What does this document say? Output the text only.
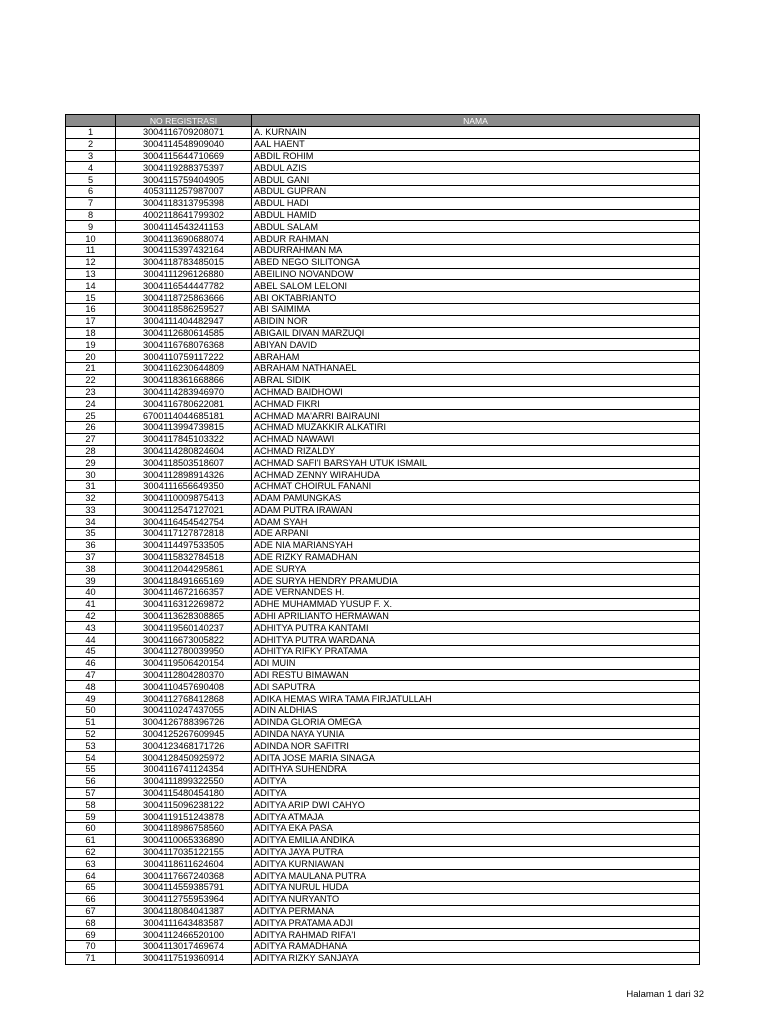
	NO REGISTRASI	NAMA
1	3004116709208071	A. KURNAIN
2	3004114548909040	AAL HAENT
3	3004115644710669	ABDIL ROHIM
4	3004119288375397	ABDUL AZIS
5	3004115759404905	ABDUL GANI
6	4053111257987007	ABDUL GUPRAN
7	3004118313795398	ABDUL HADI
8	4002118641799302	ABDUL HAMID
9	3004114543241153	ABDUL SALAM
10	3004113690688074	ABDUR RAHMAN
11	3004115397432164	ABDURRAHMAN MA
12	3004118783485015	ABED NEGO SILITONGA
13	3004111296126880	ABEILINO NOVANDOW
14	3004116544447782	ABEL SALOM LELONI
15	3004118725863666	ABI OKTABRIANTO
16	3004118586259527	ABI SAIMIMA
17	3004111404482947	ABIDIN NOR
18	3004112680614585	ABIGAIL DIVAN MARZUQI
19	3004116768076368	ABIYAN DAVID
20	3004110759117222	ABRAHAM
21	3004116230644809	ABRAHAM NATHANAEL
22	3004118361668866	ABRAL SIDIK
23	3004114283946970	ACHMAD BAIDHOWI
24	3004116780622081	ACHMAD FIKRI
25	6700114044685181	ACHMAD MA'ARRI BAIRAUNI
26	3004113994739815	ACHMAD MUZAKKIR ALKATIRI
27	3004117845103322	ACHMAD NAWAWI
28	3004114280824604	ACHMAD RIZALDY
29	3004118503518607	ACHMAD SAFI'I BARSYAH UTUK ISMAIL
30	3004112898914326	ACHMAD ZENNY WIRAHUDA
31	3004111656649350	ACHMAT CHOIRUL FANANI
32	3004110009875413	ADAM PAMUNGKAS
33	3004112547127021	ADAM PUTRA IRAWAN
34	3004116454542754	ADAM SYAH
35	3004117127872818	ADE ARPANI
36	3004114497533505	ADE NIA MARIANSYAH
37	3004115832784518	ADE RIZKY RAMADHAN
38	3004112044295861	ADE SURYA
39	3004118491665169	ADE SURYA HENDRY PRAMUDIA
40	3004114672166357	ADE VERNANDES H.
41	3004116312269872	ADHE MUHAMMAD YUSUP F. X.
42	3004113628308865	ADHI APRILIANTO HERMAWAN
43	3004119560140237	ADHITYA PUTRA KANTAMI
44	3004116673005822	ADHITYA PUTRA WARDANA
45	3004112780039950	ADHITYA RIFKY PRATAMA
46	3004119506420154	ADI MUIN
47	3004112804280370	ADI RESTU BIMAWAN
48	3004110457690408	ADI SAPUTRA
49	3004112768412868	ADIKA HEMAS WIRA TAMA FIRJATULLAH
50	3004110247437055	ADIN ALDHIAS
51	3004126788396726	ADINDA GLORIA OMEGA
52	3004125267609945	ADINDA NAYA YUNIA
53	3004123468171726	ADINDA NOR SAFITRI
54	3004128450925972	ADITA JOSE MARIA SINAGA
55	3004116741124354	ADITHYA SUHENDRA
56	3004111899322550	ADITYA
57	3004115480454180	ADITYA
58	3004115096238122	ADITYA ARIP DWI CAHYO
59	3004119151243878	ADITYA ATMAJA
60	3004118986758560	ADITYA EKA PASA
61	3004110065336890	ADITYA EMILIA ANDIKA
62	3004117035122155	ADITYA JAYA PUTRA
63	3004118611624604	ADITYA KURNIAWAN
64	3004117667240368	ADITYA MAULANA PUTRA
65	3004114559385791	ADITYA NURUL HUDA
66	3004112755953964	ADITYA NURYANTO
67	3004118084041387	ADITYA PERMANA
68	3004111643483587	ADITYA PRATAMA ADJI
69	3004112466520100	ADITYA RAHMAD RIFA'I
70	3004113017469674	ADITYA RAMADHANA
71	3004117519360914	ADITYA RIZKY SANJAYA
Halaman 1 dari 32
